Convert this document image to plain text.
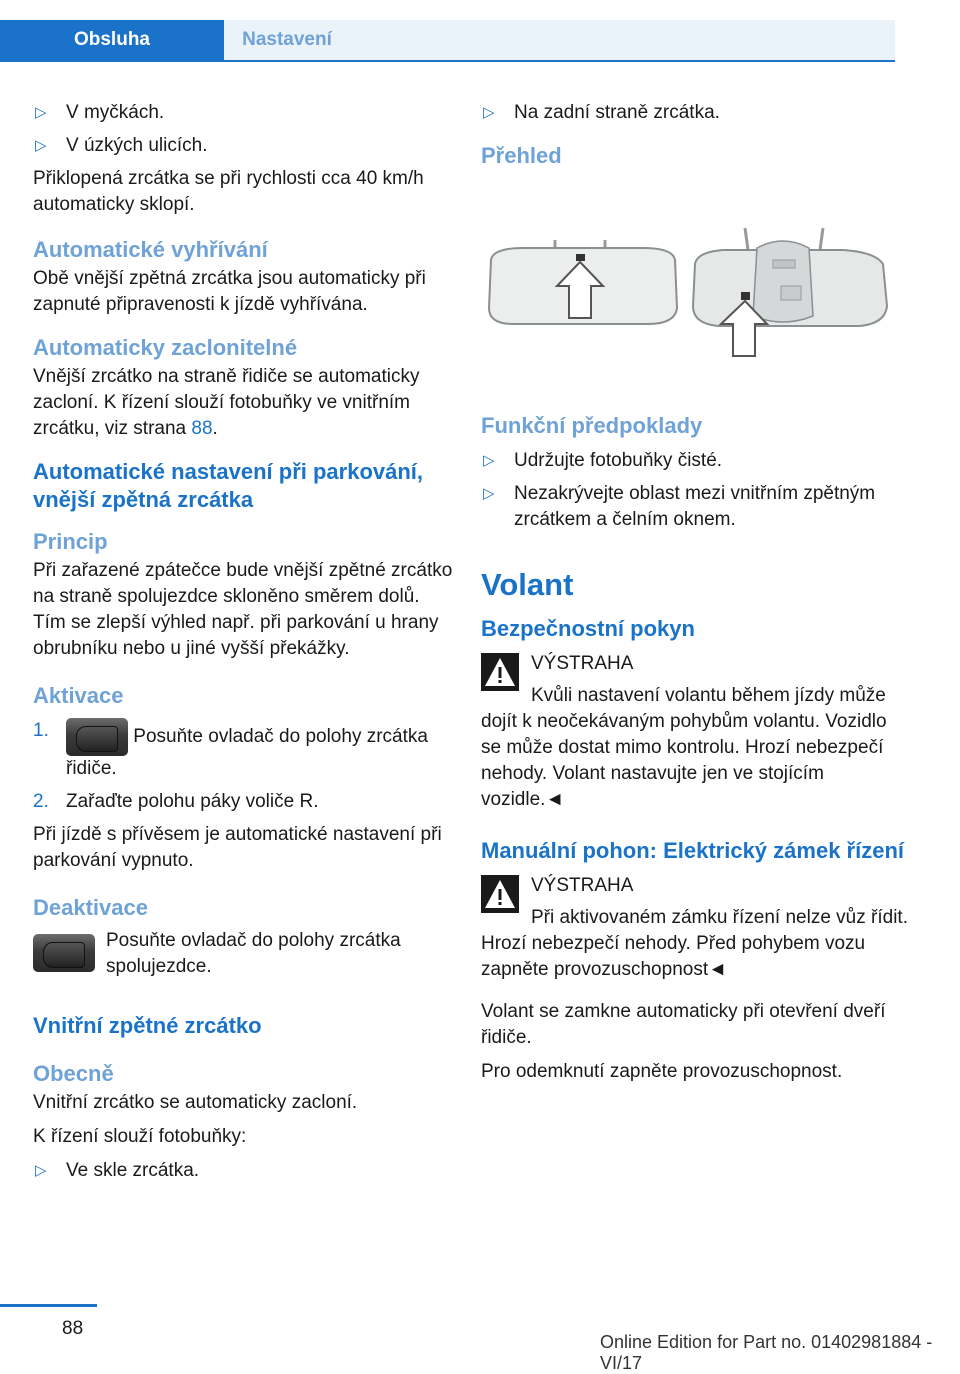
Obsluha	Nastavení
▷ V myčkách.
▷ V úzkých ulicích.

Přiklopená zrcátka se při rychlosti cca 40 km/h automaticky sklopí.

Automatické vyhřívání

Obě vnější zpětná zrcátka jsou automaticky při zapnuté připravenosti k jízdě vyhřívána.

Automaticky zaclonitelné

Vnější zrcátko na straně řidiče se automaticky zacloní. K řízení slouží fotobuňky ve vnitřním zrcátku, viz strana 88.

Automatické nastavení při parkování, vnější zpětná zrcátka
Princip

Při zařazené zpátečce bude vnější zpětné zrcátko na straně spolujezdce skloněno směrem dolů. Tím se zlepší výhled např. při parkování u hrany obrubníku nebo u jiné vyšší překážky.

Aktivace
1.	Posuňte ovladač do polohy zrcátka řidiče.
2. Zařaďte polohu páky voliče R.

Při jízdě s přívěsem je automatické nastavení při parkování vypnuto.

Deaktivace
Posuňte ovladač do polohy zrcátka spolujezdce.
Vnitřní zpětné zrcátko
Obecně

Vnitřní zrcátko se automaticky zacloní.

K řízení slouží fotobuňky:

▷ Ve skle zrcátka.
▷ Na zadní straně zrcátka.
Přehled
Funkční předpoklady
▷ Udržujte fotobuňky čisté.
▷ Nezakrývejte oblast mezi vnitřním zpětným zrcátkem a čelním oknem.
Volant
Bezpečnostní pokyn
VÝSTRAHA

Kvůli nastavení volantu během jízdy může dojít k neočekávaným pohybům volantu. Vozidlo se může dostat mimo kontrolu. Hrozí nebezpečí nehody. Volant nastavujte jen ve stojícím vozidle.◄

Manuální pohon: Elektrický zámek řízení
VÝSTRAHA

Při aktivovaném zámku řízení nelze vůz řídit. Hrozí nebezpečí nehody. Před pohybem vozu zapněte provozuschopnost◄

Volant se zamkne automaticky při otevření dveří řidiče.

Pro odemknutí zapněte provozuschopnost.

88
Online Edition for Part no. 01402981884 - VI/17
